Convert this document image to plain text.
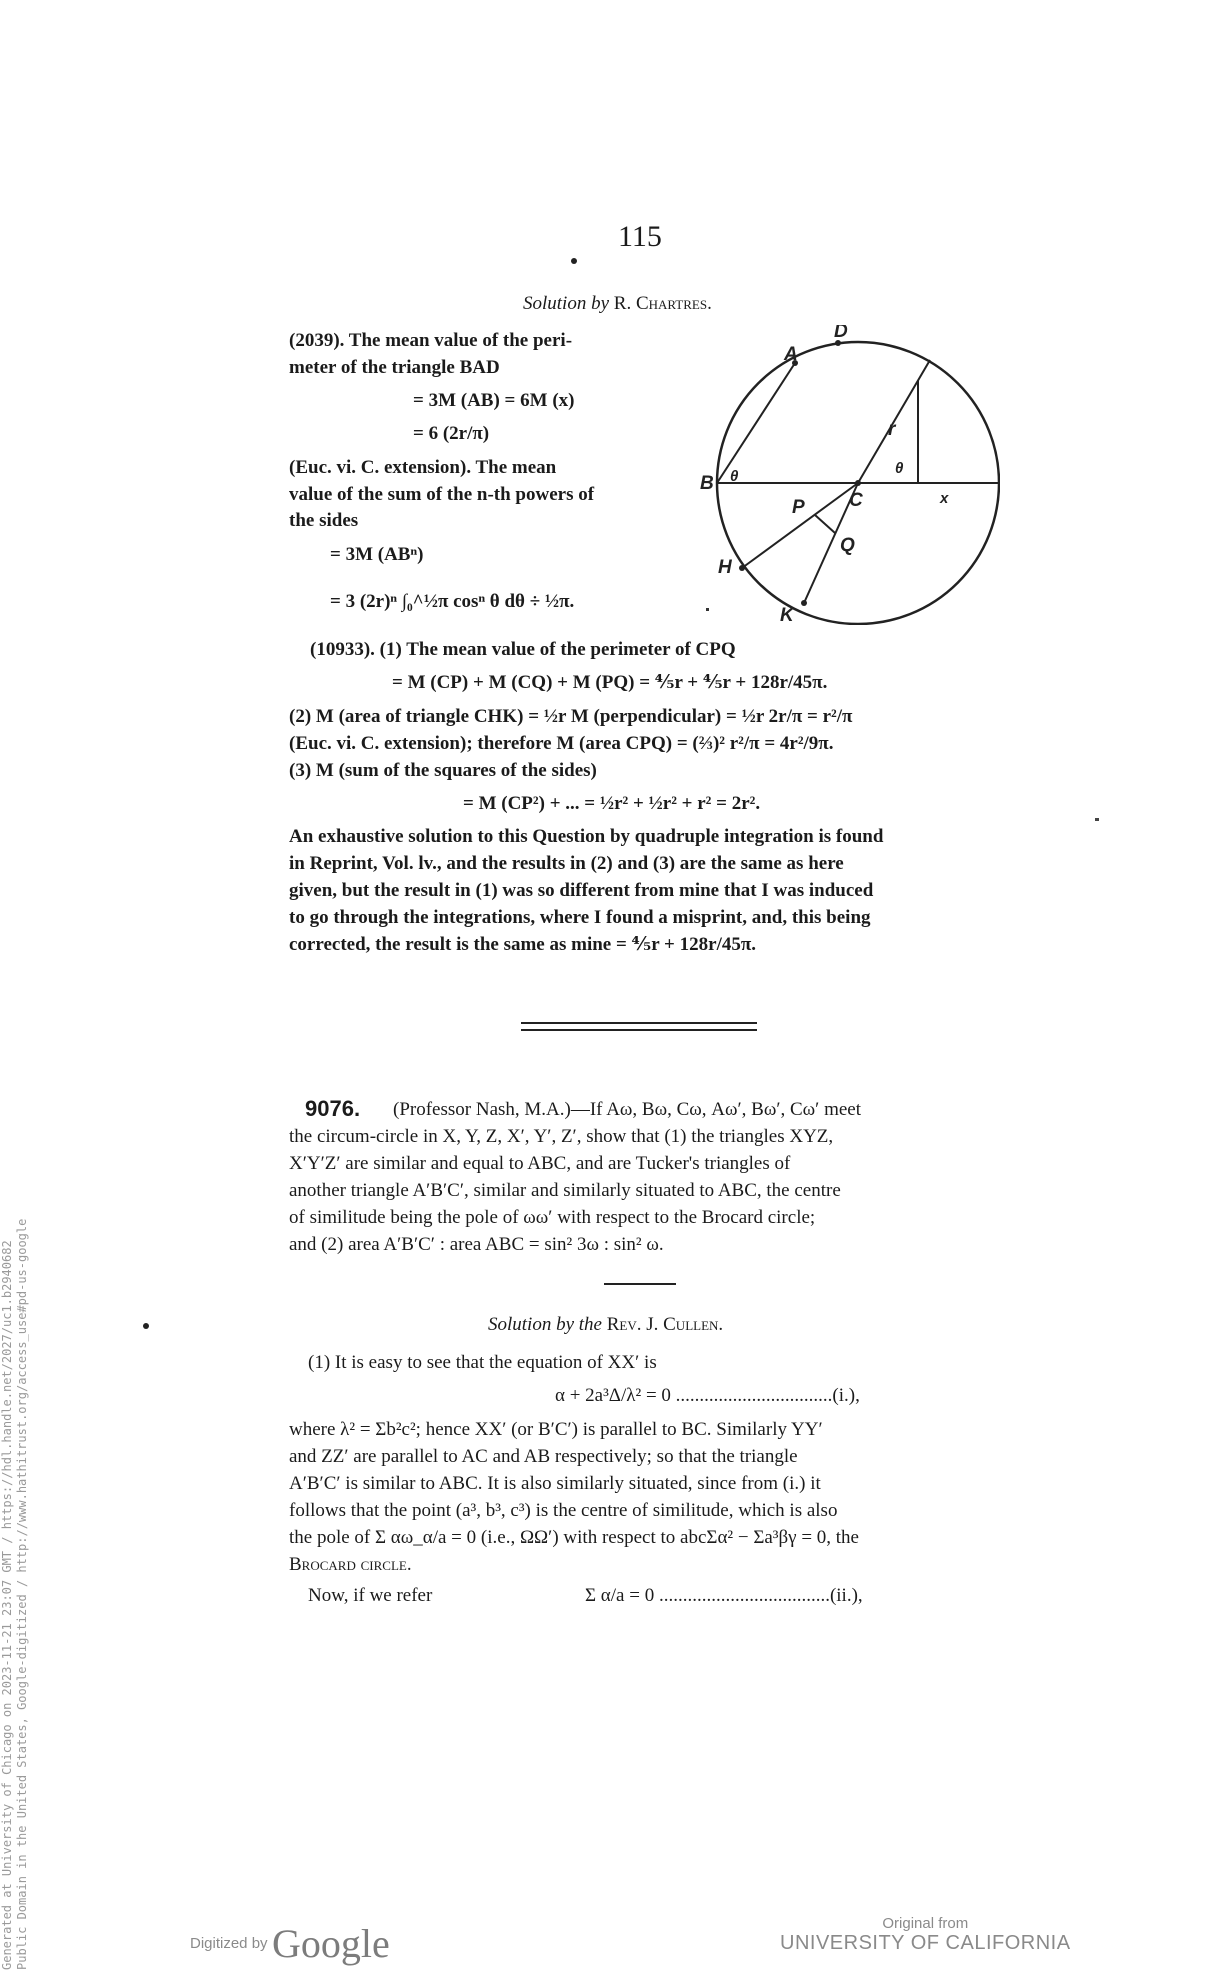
115
Solution by R. Chartres.
(2039). The mean value of the peri-
meter of the triangle BAD
= 3M (AB) = 6M (x)
= 6 (2r/π)
(Euc. vi. C. extension). The mean
value of the sum of the n-th powers of
the sides
= 3M (ABⁿ)
= 3 (2r)ⁿ ∫₀^½π cosⁿ θ dθ ÷ ½π.
A
D
B θ
r
θ
C	x
P
Q
H
K
(10933). (1) The mean value of the perimeter of CPQ
= M (CP) + M (CQ) + M (PQ) = ⅘r + ⅘r + 128r/45π.
(2) M (area of triangle CHK) = ½r M (perpendicular) = ½r 2r/π = r²/π
(Euc. vi. C. extension); therefore M (area CPQ) = (⅔)² r²/π = 4r²/9π.
(3) M (sum of the squares of the sides)
= M (CP²) + ... = ½r² + ½r² + r² = 2r².
An exhaustive solution to this Question by quadruple integration is found
in Reprint, Vol. lv., and the results in (2) and (3) are the same as here
given, but the result in (1) was so different from mine that I was induced
to go through the integrations, where I found a misprint, and, this being
corrected, the result is the same as mine = ⅘r + 128r/45π.
9076. (Professor Nash, M.A.)—If Aω, Bω, Cω, Aω′, Bω′, Cω′ meet
the circum-circle in X, Y, Z, X′, Y′, Z′, show that (1) the triangles XYZ,
X′Y′Z′ are similar and equal to ABC, and are Tucker's triangles of
another triangle A′B′C′, similar and similarly situated to ABC, the centre
of similitude being the pole of ωω′ with respect to the Brocard circle;
and (2) area A′B′C′ : area ABC = sin² 3ω : sin² ω.
Solution by the Rev. J. Cullen.
(1) It is easy to see that the equation of XX′ is
α + 2a³Δ/λ² = 0 .................................(i.),
where λ² = Σb²c²; hence XX′ (or B′C′) is parallel to BC. Similarly YY′
and ZZ′ are parallel to AC and AB respectively; so that the triangle
A′B′C′ is similar to ABC. It is also similarly situated, since from (i.) it
follows that the point (a³, b³, c³) is the centre of similitude, which is also
the pole of Σ αω_α/a = 0 (i.e., ΩΩ′) with respect to abcΣα² − Σa³βγ = 0, the
Brocard circle.
Now, if we refer	Σ α/a = 0 ....................................(ii.),
Generated at University of Chicago on 2023-11-21 23:07 GMT / https://hdl.handle.net/2027/uc1.b2940682 Public Domain in the United States, Google-digitized / http://www.hathitrust.org/access_use#pd-us-google	Digitized by Google	Original from
UNIVERSITY OF CALIFORNIA
